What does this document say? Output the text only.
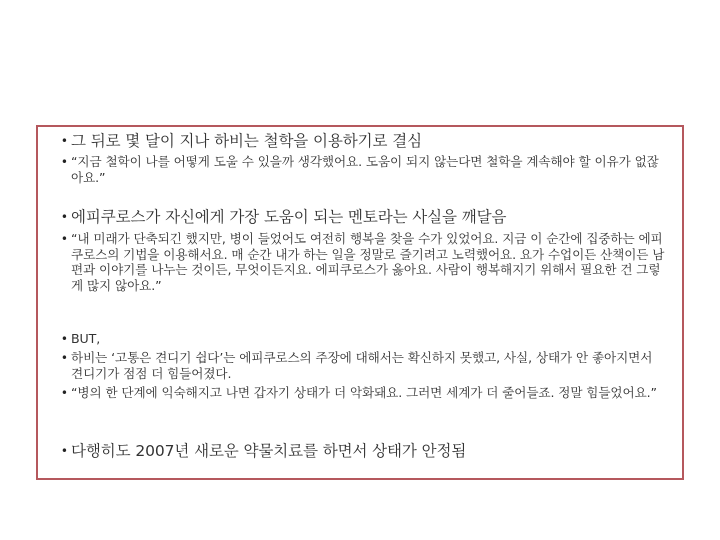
• 그 뒤로 몇 달이 지나 하비는 철학을 이용하기로 결심
• “지금 철학이 나를 어떻게 도울 수 있을까 생각했어요. 도움이 되지 않는다면 철학을 계속해야 할 이유가 없잖아요.”
• 에피쿠로스가 자신에게 가장 도움이 되는 멘토라는 사실을 깨달음
• “내 미래가 단축되긴 했지만, 병이 들었어도 여전히 행복을 찾을 수가 있었어요. 지금 이 순간에 집중하는 에피쿠로스의 기법을 이용해서요. 매 순간 내가 하는 일을 정말로 즐기려고 노력했어요. 요가 수업이든 산책이든 남편과 이야기를 나누는 것이든, 무엇이든지요. 에피쿠로스가 옳아요. 사람이 행복해지기 위해서 필요한 건 그렇게 많지 않아요.”
• BUT,
• 하비는 ‘고통은 견디기 쉽다’는 에피쿠로스의 주장에 대해서는 확신하지 못했고, 사실, 상태가 안 좋아지면서 견디기가 점점 더 힘들어졌다.
• “병의 한 단계에 익숙해지고 나면 갑자기 상태가 더 악화돼요. 그러면 세계가 더 줄어들죠. 정말 힘들었어요.”
• 다행히도 2007년 새로운 약물치료를 하면서 상태가 안정됨
